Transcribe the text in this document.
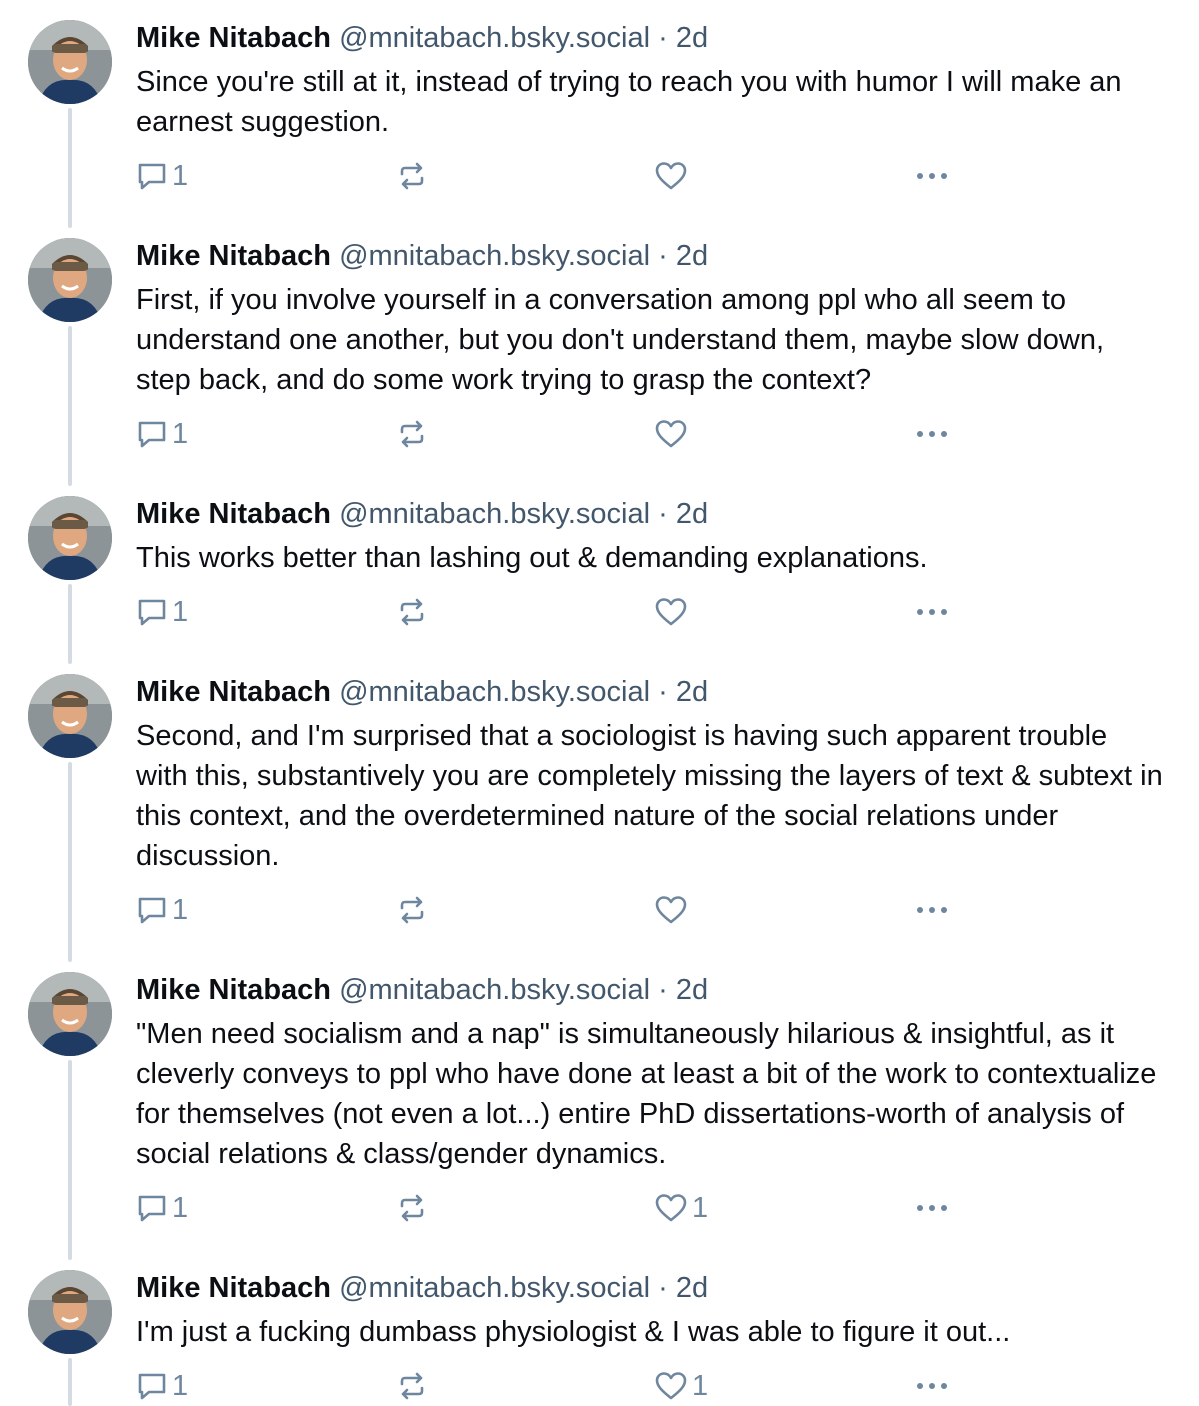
Mike Nitabach @mnitabach.bsky.social · 2d
Since you're still at it, instead of trying to reach you with humor I will make an earnest suggestion.
1
Mike Nitabach @mnitabach.bsky.social · 2d
First, if you involve yourself in a conversation among ppl who all seem to understand one another, but you don't understand them, maybe slow down, step back, and do some work trying to grasp the context?
1
Mike Nitabach @mnitabach.bsky.social · 2d
This works better than lashing out & demanding explanations.
1
Mike Nitabach @mnitabach.bsky.social · 2d
Second, and I'm surprised that a sociologist is having such apparent trouble with this, substantively you are completely missing the layers of text & subtext in this context, and the overdetermined nature of the social relations under discussion.
1
Mike Nitabach @mnitabach.bsky.social · 2d
"Men need socialism and a nap" is simultaneously hilarious & insightful, as it cleverly conveys to ppl who have done at least a bit of the work to contextualize for themselves (not even a lot...) entire PhD dissertations-worth of analysis of social relations & class/gender dynamics.
1	1
Mike Nitabach @mnitabach.bsky.social · 2d
I'm just a fucking dumbass physiologist & I was able to figure it out...
1	1
